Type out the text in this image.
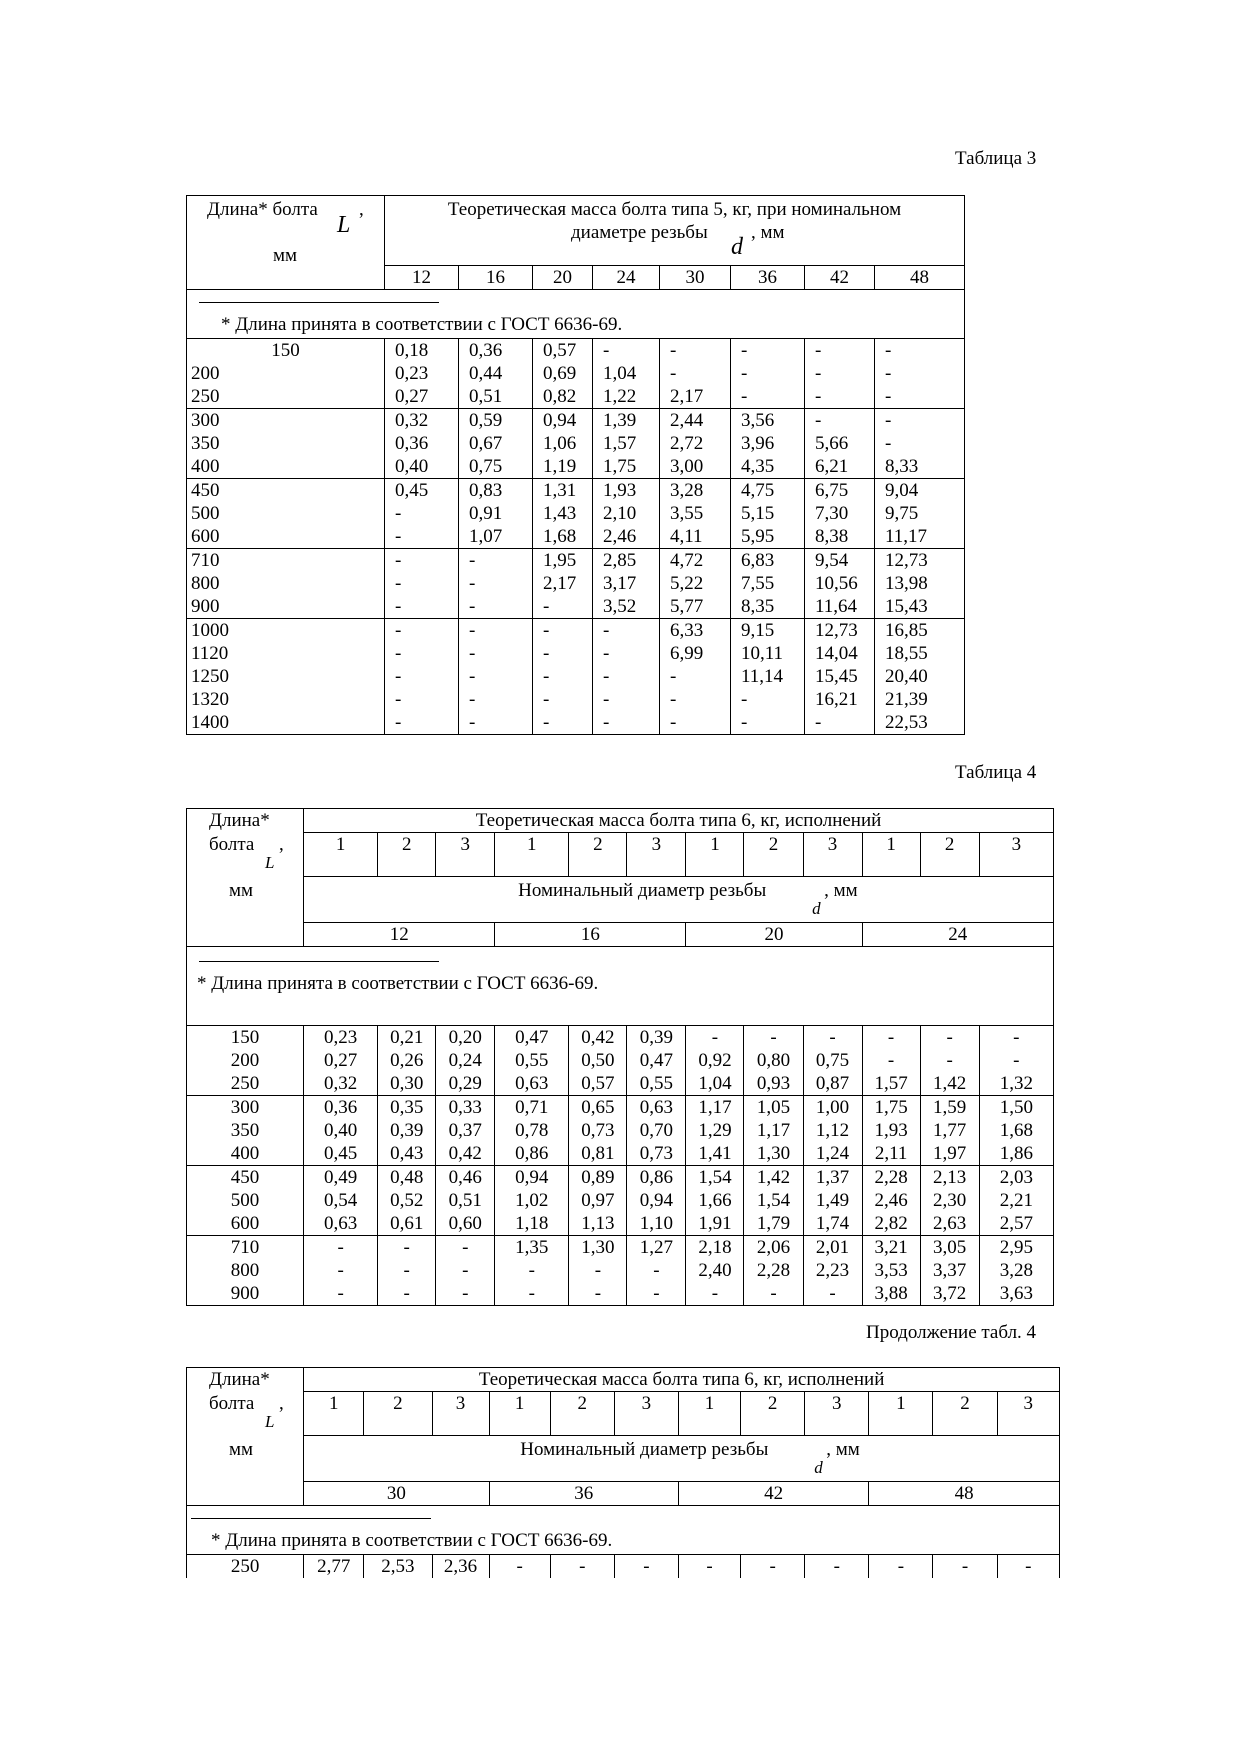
Таблица 3
Длина* болта ,
L
мм	Теоретическая масса болта типа 5, кг, при номинальном
диаметре резьбы , мм
d							

	12	16	20	24	30	36	42	48

* Длина принята в соответствии с ГОСТ 6636-69.								

150	0,18	0,36	0,57	-	-	-	-	-
200	0,23	0,44	0,69	1,04	-	-	-	-
250	0,27	0,51	0,82	1,22	2,17	-	-	-
300	0,32	0,59	0,94	1,39	2,44	3,56	-	-
350	0,36	0,67	1,06	1,57	2,72	3,96	5,66	-
400	0,40	0,75	1,19	1,75	3,00	4,35	6,21	8,33
450	0,45	0,83	1,31	1,93	3,28	4,75	6,75	9,04
500	-	0,91	1,43	2,10	3,55	5,15	7,30	9,75
600	-	1,07	1,68	2,46	4,11	5,95	8,38	11,17
710	-	-	1,95	2,85	4,72	6,83	9,54	12,73
800	-	-	2,17	3,17	5,22	7,55	10,56	13,98
900	-	-	-	3,52	5,77	8,35	11,64	15,43
1000	-	-	-	-	6,33	9,15	12,73	16,85
1120	-	-	-	-	6,99	10,11	14,04	18,55
1250	-	-	-	-	-	11,14	15,45	20,40
1320	-	-	-	-	-	-	16,21	21,39
1400	-	-	-	-	-	-	-	22,53
Таблица 4
Длина*
болта ,
L
мм	Теоретическая масса болта типа 6, кг, исполнений											
	1	2	3	1	2	3	1	2	3	1	2	3

	Номинальный диаметр резьбы , мм
d											

	12			16			20			24		

* Длина принята в соответствии с ГОСТ 6636-69.												

150	0,23	0,21	0,20	0,47	0,42	0,39	-	-	-	-	-	-
200	0,27	0,26	0,24	0,55	0,50	0,47	0,92	0,80	0,75	-	-	-
250	0,32	0,30	0,29	0,63	0,57	0,55	1,04	0,93	0,87	1,57	1,42	1,32
300	0,36	0,35	0,33	0,71	0,65	0,63	1,17	1,05	1,00	1,75	1,59	1,50
350	0,40	0,39	0,37	0,78	0,73	0,70	1,29	1,17	1,12	1,93	1,77	1,68
400	0,45	0,43	0,42	0,86	0,81	0,73	1,41	1,30	1,24	2,11	1,97	1,86
450	0,49	0,48	0,46	0,94	0,89	0,86	1,54	1,42	1,37	2,28	2,13	2,03
500	0,54	0,52	0,51	1,02	0,97	0,94	1,66	1,54	1,49	2,46	2,30	2,21
600	0,63	0,61	0,60	1,18	1,13	1,10	1,91	1,79	1,74	2,82	2,63	2,57
710	-	-	-	1,35	1,30	1,27	2,18	2,06	2,01	3,21	3,05	2,95
800	-	-	-	-	-	-	2,40	2,28	2,23	3,53	3,37	3,28
900	-	-	-	-	-	-	-	-	-	3,88	3,72	3,63
Продолжение табл. 4
Длина*
болта ,
L
мм	Теоретическая масса болта типа 6, кг, исполнений											
	1	2	3	1	2	3	1	2	3	1	2	3

	Номинальный диаметр резьбы , мм
d											

	30			36			42			48		

* Длина принята в соответствии с ГОСТ 6636-69.												

250	2,77	2,53	2,36	-	-	-	-	-	-	-	-	-
